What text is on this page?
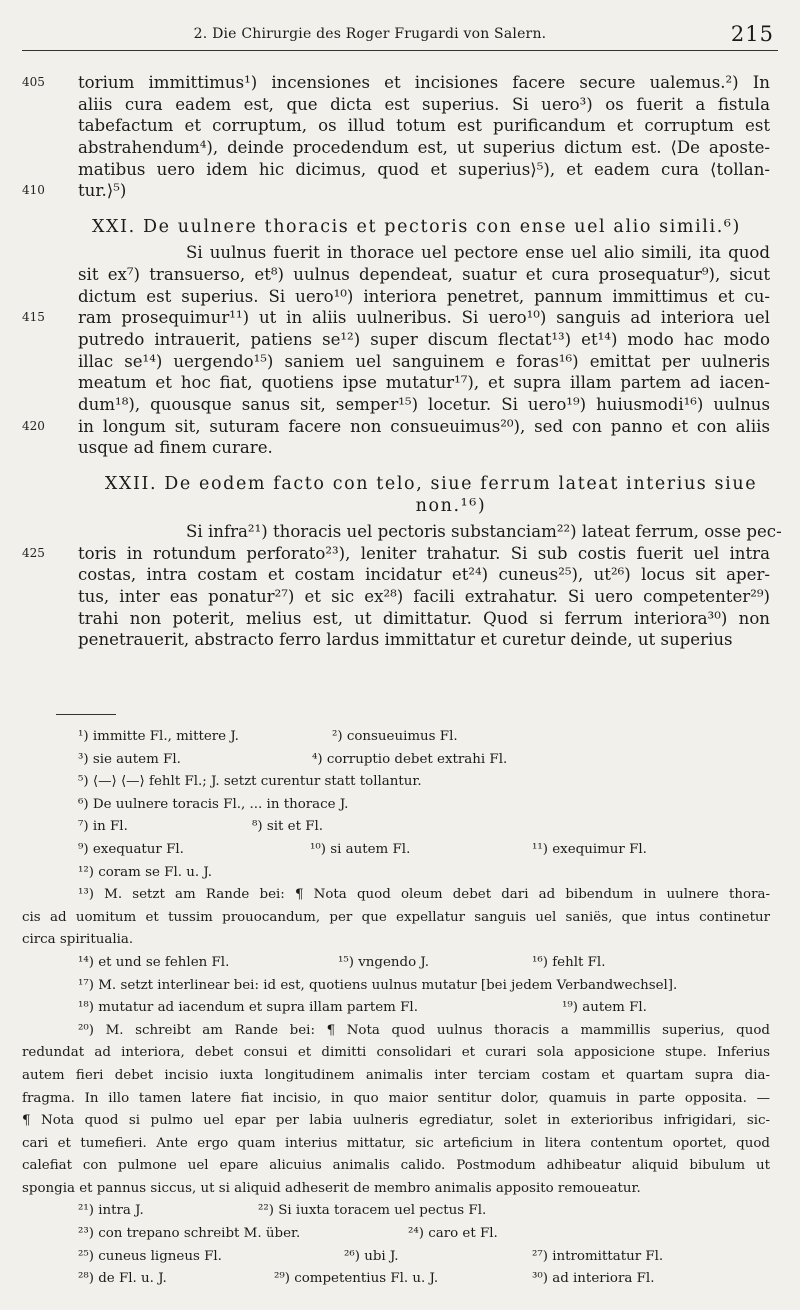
2. Die Chirurgie des Roger Frugardi von Salern.	215
405	torium immittimus¹) incensiones et incisiones facere secure ualemus.²) In
aliis cura eadem est, que dicta est superius. Si uero³) os fuerit a fistula
tabefactum et corruptum, os illud totum est purificandum et corruptum est
abstrahendum⁴), deinde procedendum est, ut superius dictum est. ⟨De aposte-
matibus uero idem hic dicimus, quod et superius⟩⁵), et eadem cura ⟨tollan-
410	tur.⟩⁵)
XXI. De uulnere thoracis et pectoris con ense uel alio simili.⁶)
Si uulnus fuerit in thorace uel pectore ense uel alio simili, ita quod
sit ex⁷) transuerso, et⁸) uulnus dependeat, suatur et cura prosequatur⁹), sicut
dictum est superius. Si uero¹⁰) interiora penetret, pannum immittimus et cu-
415	ram prosequimur¹¹) ut in aliis uulneribus. Si uero¹⁰) sanguis ad interiora uel
putredo intrauerit, patiens se¹²) super discum flectat¹³) et¹⁴) modo hac modo
illac se¹⁴) uergendo¹⁵) saniem uel sanguinem e foras¹⁶) emittat per uulneris
meatum et hoc fiat, quotiens ipse mutatur¹⁷), et supra illam partem ad iacen-
dum¹⁸), quousque sanus sit, semper¹⁵) locetur. Si uero¹⁹) huiusmodi¹⁶) uulnus
420	in longum sit, suturam facere non consueuimus²⁰), sed con panno et con aliis
usque ad finem curare.
XXII. De eodem facto con telo, siue ferrum lateat interius siue
non.¹⁶)
Si infra²¹) thoracis uel pectoris substanciam²²) lateat ferrum, osse pec-
425	toris in rotundum perforato²³), leniter trahatur. Si sub costis fuerit uel intra
costas, intra costam et costam incidatur et²⁴) cuneus²⁵), ut²⁶) locus sit aper-
tus, inter eas ponatur²⁷) et sic ex²⁸) facili extrahatur. Si uero competenter²⁹)
trahi non poterit, melius est, ut dimittatur. Quod si ferrum interiora³⁰) non
penetrauerit, abstracto ferro lardus immittatur et curetur deinde, ut superius
¹) immitte Fl., mittere J.	²) consueuimus Fl.
³) sie autem Fl.	⁴) corruptio debet extrahi Fl.
⁵) ⟨—⟩ ⟨—⟩ fehlt Fl.; J. setzt curentur statt tollantur.
⁶) De uulnere toracis Fl., ... in thorace J.
⁷) in Fl.	⁸) sit et Fl.
⁹) exequatur Fl.	¹⁰) si autem Fl.	¹¹) exequimur Fl.
¹²) coram se Fl. u. J.
¹³) M. setzt am Rande bei: ¶ Nota quod oleum debet dari ad bibendum in uulnere thora-
cis ad uomitum et tussim prouocandum, per que expellatur sanguis uel saniës, que intus continetur
circa spiritualia.
¹⁴) et und se fehlen Fl.	¹⁵) vngendo J.	¹⁶) fehlt Fl.
¹⁷) M. setzt interlinear bei: id est, quotiens uulnus mutatur [bei jedem Verbandwechsel].
¹⁸) mutatur ad iacendum et supra illam partem Fl.	¹⁹) autem Fl.
²⁰) M. schreibt am Rande bei: ¶ Nota quod uulnus thoracis a mammillis superius, quod
redundat ad interiora, debet consui et dimitti consolidari et curari sola apposicione stupe. Inferius
autem fieri debet incisio iuxta longitudinem animalis inter terciam costam et quartam supra dia-
fragma. In illo tamen latere fiat incisio, in quo maior sentitur dolor, quamuis in parte opposita. —
¶ Nota quod si pulmo uel epar per labia uulneris egrediatur, solet in exterioribus infrigidari, sic-
cari et tumefieri. Ante ergo quam interius mittatur, sic arteficium in litera contentum oportet, quod
calefiat con pulmone uel epare alicuius animalis calido. Postmodum adhibeatur aliquid bibulum ut
spongia et pannus siccus, ut si aliquid adheserit de membro animalis apposito remoueatur.
²¹) intra J.	²²) Si iuxta toracem uel pectus Fl.
²³) con trepano schreibt M. über.	²⁴) caro et Fl.
²⁵) cuneus ligneus Fl.	²⁶) ubi J.	²⁷) intromittatur Fl.
²⁸) de Fl. u. J.	²⁹) competentius Fl. u. J.	³⁰) ad interiora Fl.
